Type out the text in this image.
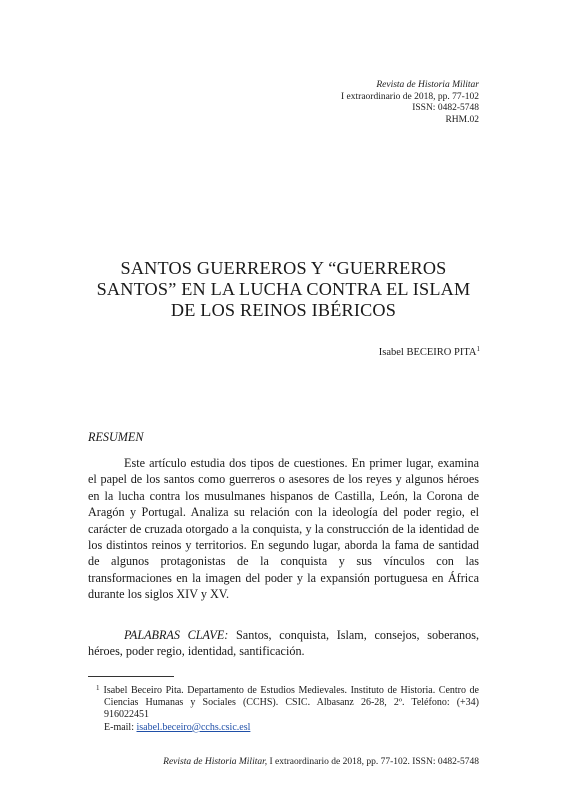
Revista de Historia Militar
I extraordinario de 2018, pp. 77-102
ISSN: 0482-5748
RHM.02
SANTOS GUERREROS Y “GUERREROS
SANTOS” EN LA LUCHA CONTRA EL ISLAM
DE LOS REINOS IBÉRICOS
Isabel BECEIRO PITA$^1$
RESUMEN

Este artículo estudia dos tipos de cuestiones. En primer lugar, examina el papel de los santos como guerreros o asesores de los reyes y algunos héroes en la lucha contra los musulmanes hispanos de Castilla, León, la Corona de Aragón y Portugal. Analiza su relación con la ideología del poder regio, el carácter de cruzada otorgado a la conquista, y la construcción de la identidad de los distintos reinos y territorios. En segundo lugar, aborda la fama de santidad de algunos protagonistas de la conquista y sus vínculos con las transformaciones en la imagen del poder y la expansión portuguesa en África durante los siglos XIV y XV.

PALABRAS CLAVE: Santos, conquista, Islam, consejos, soberanos, héroes, poder regio, identidad, santificación.

$^1$ Isabel Beceiro Pita. Departamento de Estudios Medievales. Instituto de Historia. Centro de Ciencias Humanas y Sociales (CCHS). CSIC. Albasanz 26-28, 2º. Teléfono: (+34) 916022451
E-mail: isabel.beceiro@cchs.csic.esl
Revista de Historia Militar, I extraordinario de 2018, pp. 77-102. ISSN: 0482-5748
